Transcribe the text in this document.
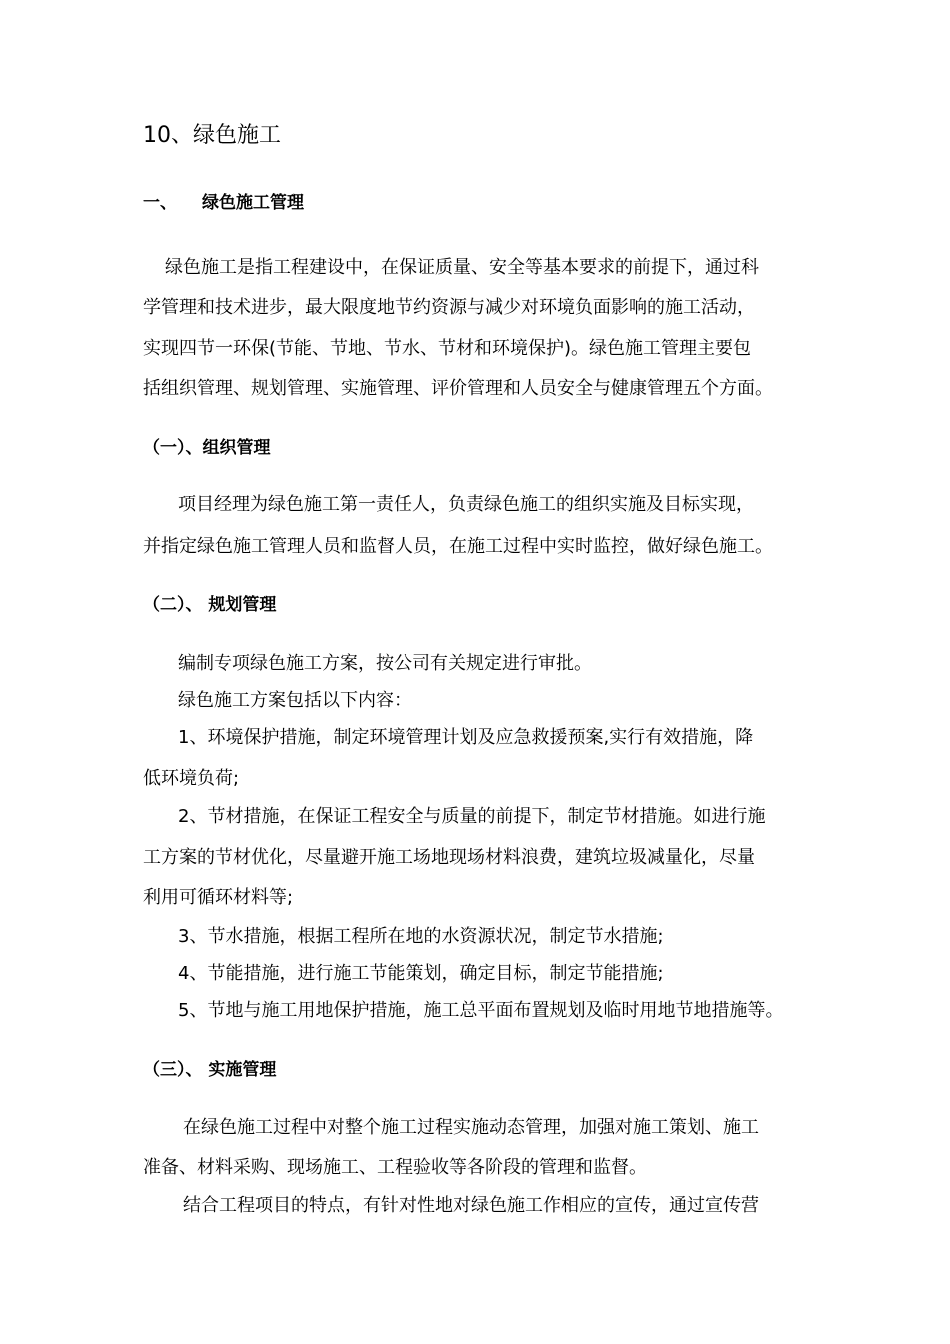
10、绿色施工
一、 绿色施工管理
绿色施工是指工程建设中，在保证质量、安全等基本要求的前提下，通过科
学管理和技术进步，最大限度地节约资源与减少对环境负面影响的施工活动，
实现四节一环保(节能、节地、节水、节材和环境保护)。绿色施工管理主要包
括组织管理、规划管理、实施管理、评价管理和人员安全与健康管理五个方面。
（一）、组织管理
项目经理为绿色施工第一责任人，负责绿色施工的组织实施及目标实现，
并指定绿色施工管理人员和监督人员，在施工过程中实时监控，做好绿色施工。
（二）、 规划管理
编制专项绿色施工方案，按公司有关规定进行审批。
绿色施工方案包括以下内容：
1、环境保护措施，制定环境管理计划及应急救援预案,实行有效措施，降
低环境负荷;
2、节材措施，在保证工程安全与质量的前提下，制定节材措施。如进行施
工方案的节材优化，尽量避开施工场地现场材料浪费，建筑垃圾减量化，尽量
利用可循环材料等;
3、节水措施，根据工程所在地的水资源状况，制定节水措施;
4、节能措施，进行施工节能策划，确定目标，制定节能措施;
5、节地与施工用地保护措施，施工总平面布置规划及临时用地节地措施等。
（三）、 实施管理
在绿色施工过程中对整个施工过程实施动态管理，加强对施工策划、施工
准备、材料采购、现场施工、工程验收等各阶段的管理和监督。
结合工程项目的特点，有针对性地对绿色施工作相应的宣传，通过宣传营
